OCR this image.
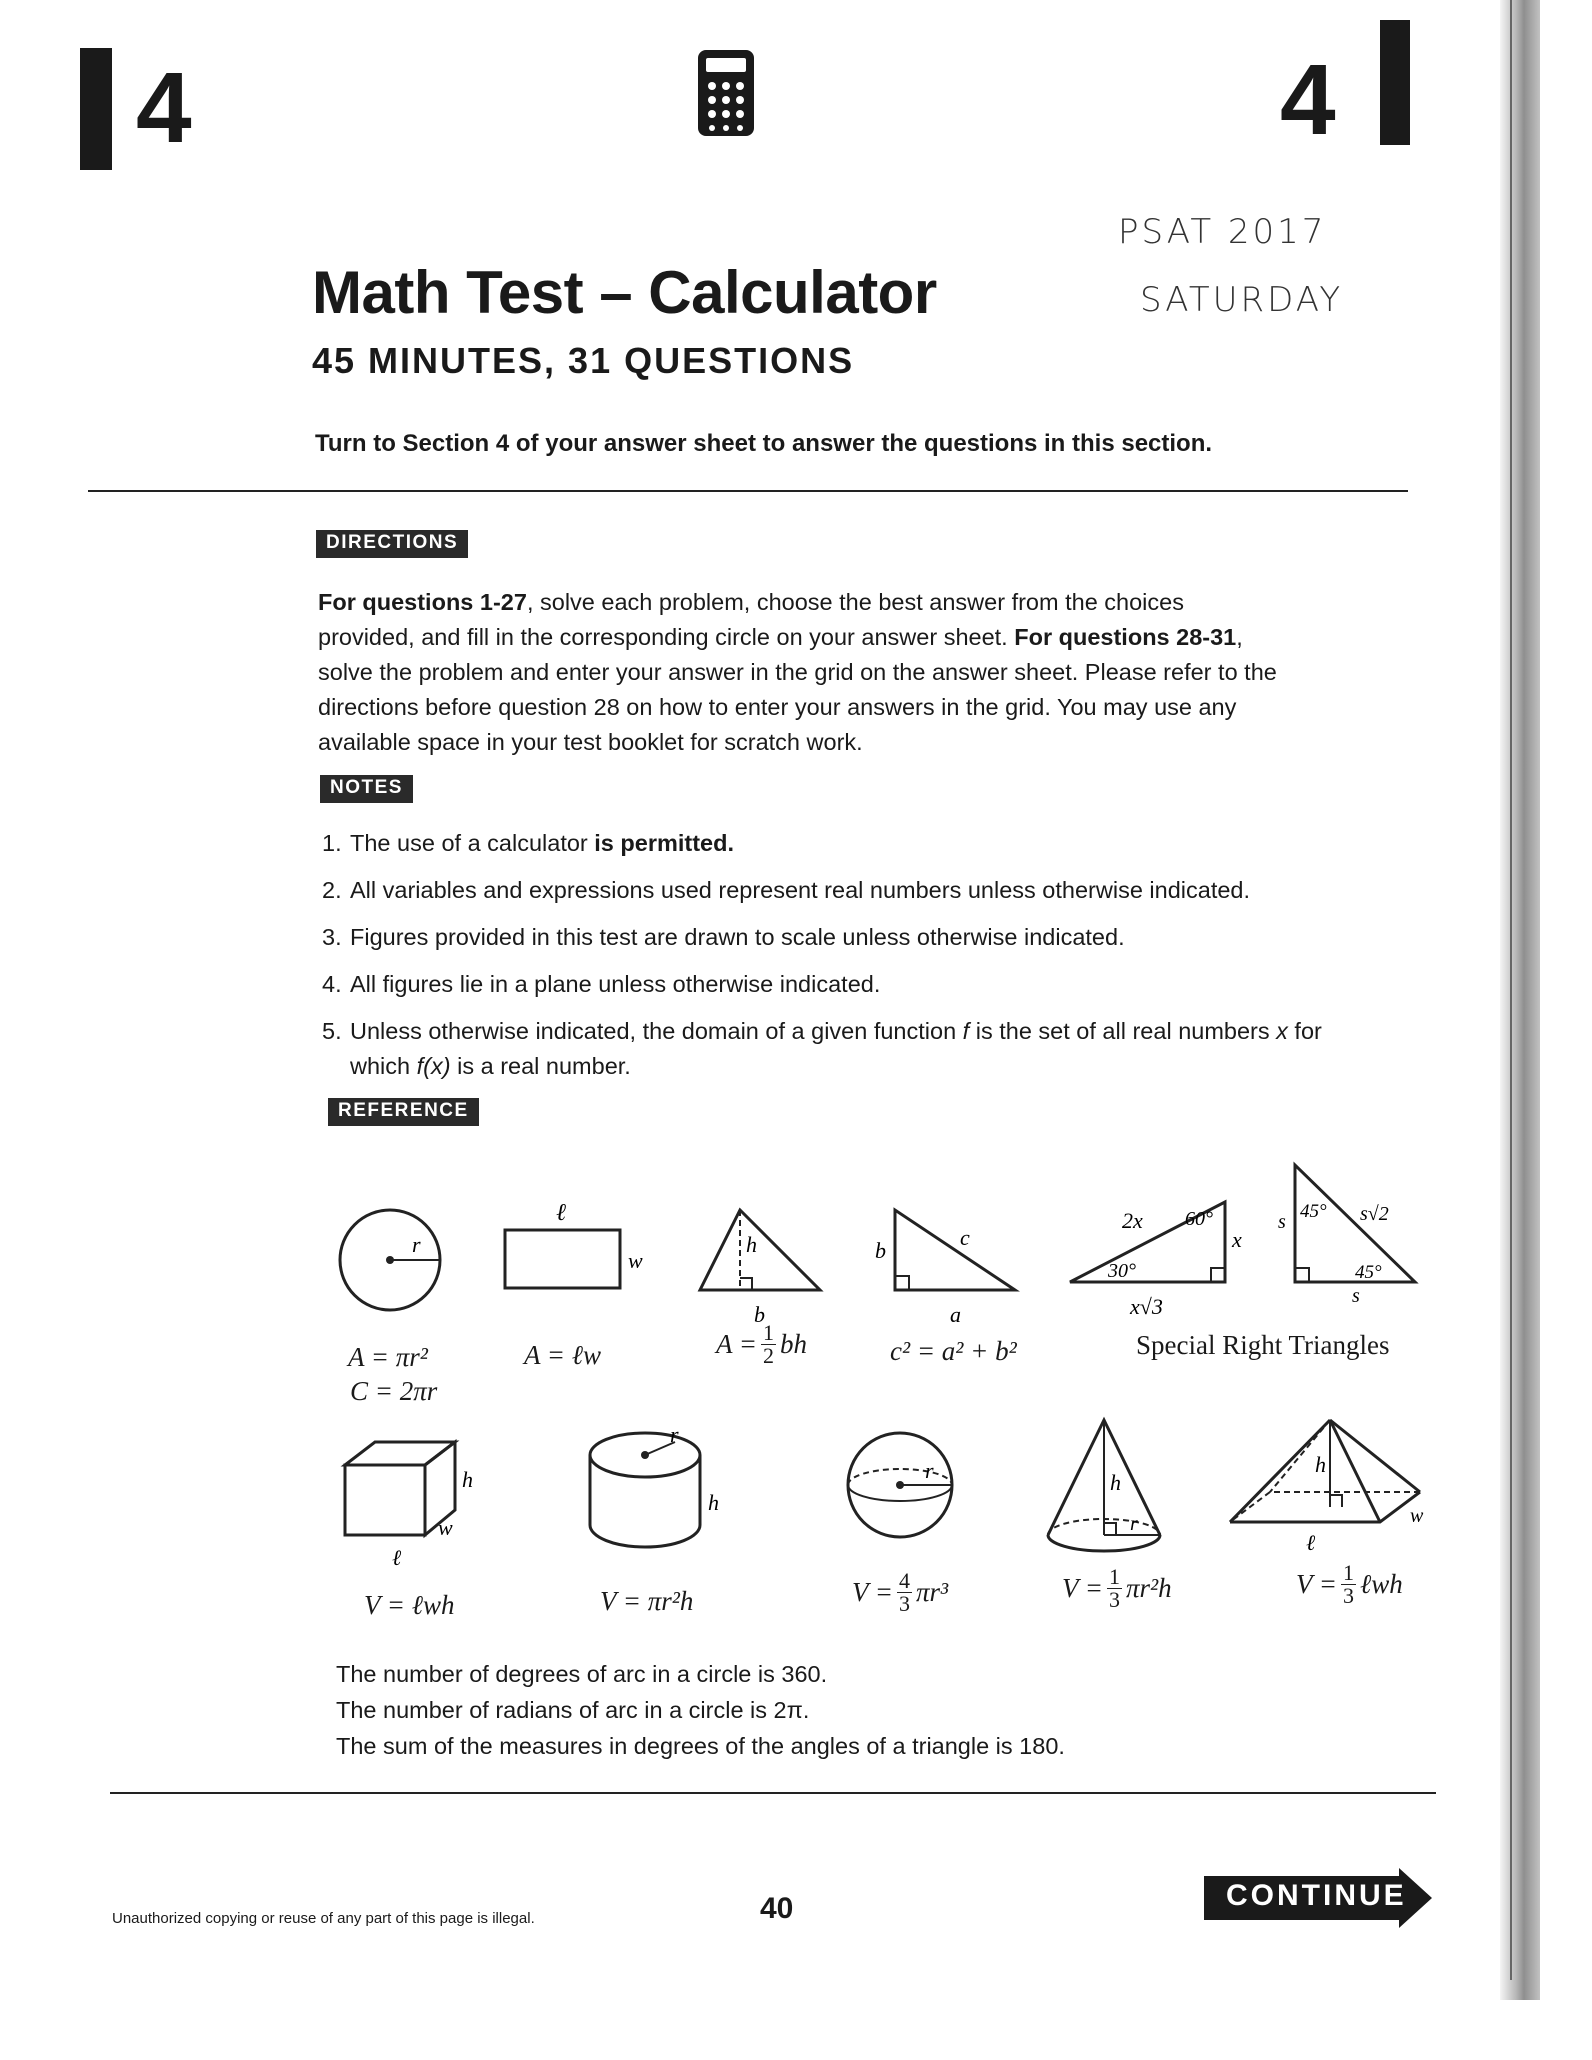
4	4
Math Test – Calculator
45 MINUTES, 31 QUESTIONS
PSAT 2017
SATURDAY
Turn to Section 4 of your answer sheet to answer the questions in this section.
DIRECTIONS
For questions 1-27, solve each problem, choose the best answer from the choices provided, and fill in the corresponding circle on your answer sheet. For questions 28-31, solve the problem and enter your answer in the grid on the answer sheet. Please refer to the directions before question 28 on how to enter your answers in the grid. You may use any available space in your test booklet for scratch work.
NOTES
1. The use of a calculator is permitted.
2. All variables and expressions used represent real numbers unless otherwise indicated.
3. Figures provided in this test are drawn to scale unless otherwise indicated.
4. All figures lie in a plane unless otherwise indicated.
5. Unless otherwise indicated, the domain of a given function f is the set of all real numbers x for which f(x) is a real number.
REFERENCE
r
ℓ
w
h
b
b
c
a
2x 60°
30°
x
x√3
s 45° s√2
45°
s
A = πr²
C = 2πr
A = ℓw	$A = \frac{1}{2}$ bh	c² = a² + b²	Special Right Triangles
h
w
ℓ
r
h
r	h
r
h
w
ℓ
V = ℓwh	V = πr²h	$V = \frac{4}{3} \pi r^3$	$V = \frac{1}{3} \pi r^2h$	$V = \frac{1}{3}$ ℓwh
The number of degrees of arc in a circle is 360.
The number of radians of arc in a circle is 2π.
The sum of the measures in degrees of the angles of a triangle is 180.
Unauthorized copying or reuse of any part of this page is illegal.	40	CONTINUE
